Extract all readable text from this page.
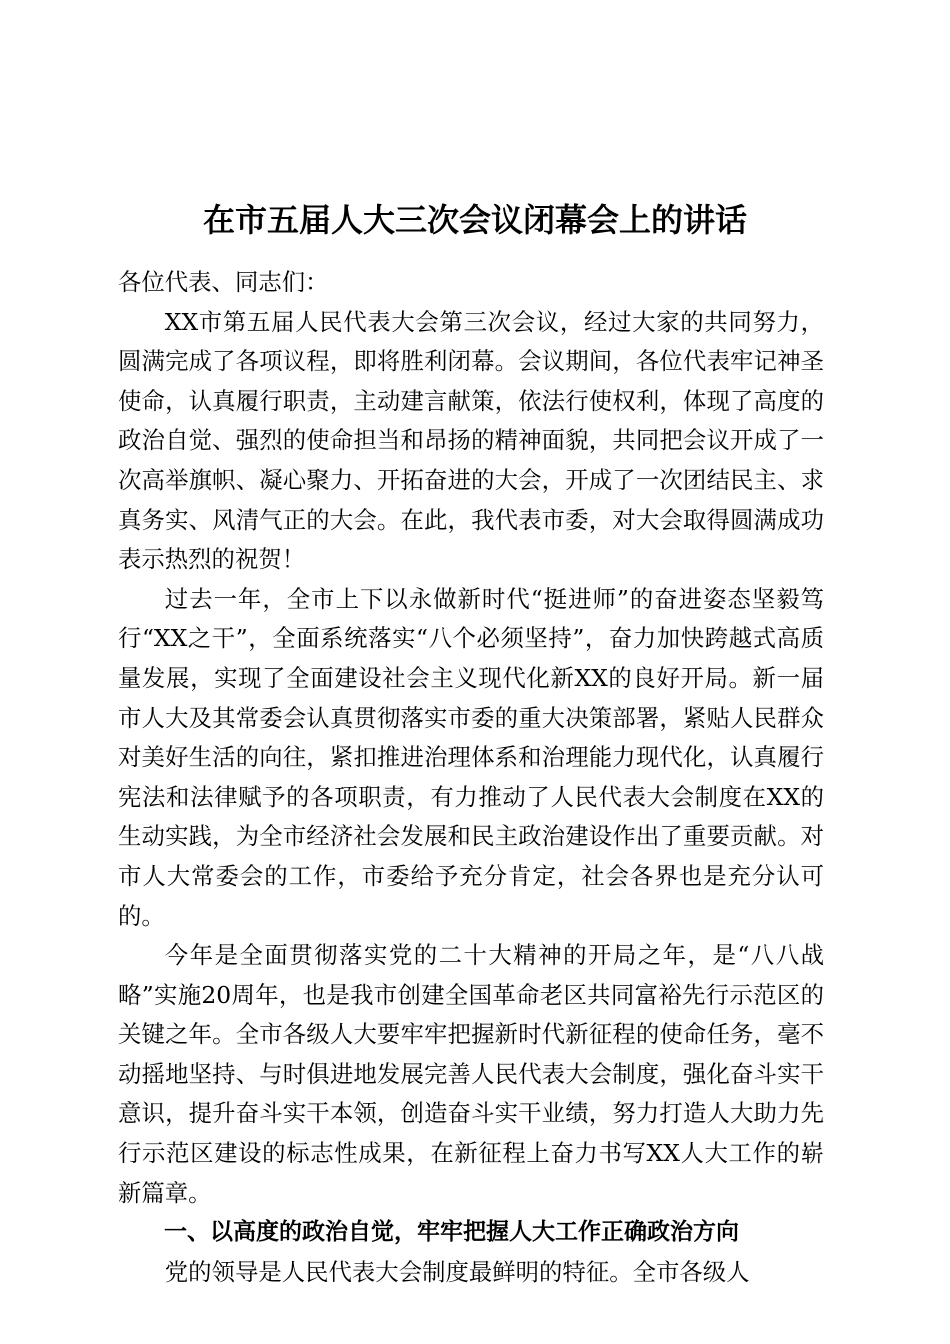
在市五届人大三次会议闭幕会上的讲话

各位代表、同志们：

XX市第五届人民代表大会第三次会议，经过大家的共同努力，圆满完成了各项议程，即将胜利闭幕。会议期间，各位代表牢记神圣使命，认真履行职责，主动建言献策，依法行使权利，体现了高度的政治自觉、强烈的使命担当和昂扬的精神面貌，共同把会议开成了一次高举旗帜、凝心聚力、开拓奋进的大会，开成了一次团结民主、求真务实、风清气正的大会。在此，我代表市委，对大会取得圆满成功表示热烈的祝贺！

过去一年，全市上下以永做新时代“挺进师”的奋进姿态坚毅笃行“XX之干”，全面系统落实“八个必须坚持”，奋力加快跨越式高质量发展，实现了全面建设社会主义现代化新XX的良好开局。新一届市人大及其常委会认真贯彻落实市委的重大决策部署，紧贴人民群众对美好生活的向往，紧扣推进治理体系和治理能力现代化，认真履行宪法和法律赋予的各项职责，有力推动了人民代表大会制度在XX的生动实践，为全市经济社会发展和民主政治建设作出了重要贡献。对市人大常委会的工作，市委给予充分肯定，社会各界也是充分认可的。

今年是全面贯彻落实党的二十大精神的开局之年，是“八八战略”实施20周年，也是我市创建全国革命老区共同富裕先行示范区的关键之年。全市各级人大要牢牢把握新时代新征程的使命任务，毫不动摇地坚持、与时俱进地发展完善人民代表大会制度，强化奋斗实干意识，提升奋斗实干本领，创造奋斗实干业绩，努力打造人大助力先行示范区建设的标志性成果，在新征程上奋力书写XX人大工作的崭新篇章。

一、以高度的政治自觉，牢牢把握人大工作正确政治方向

党的领导是人民代表大会制度最鲜明的特征。全市各级人
